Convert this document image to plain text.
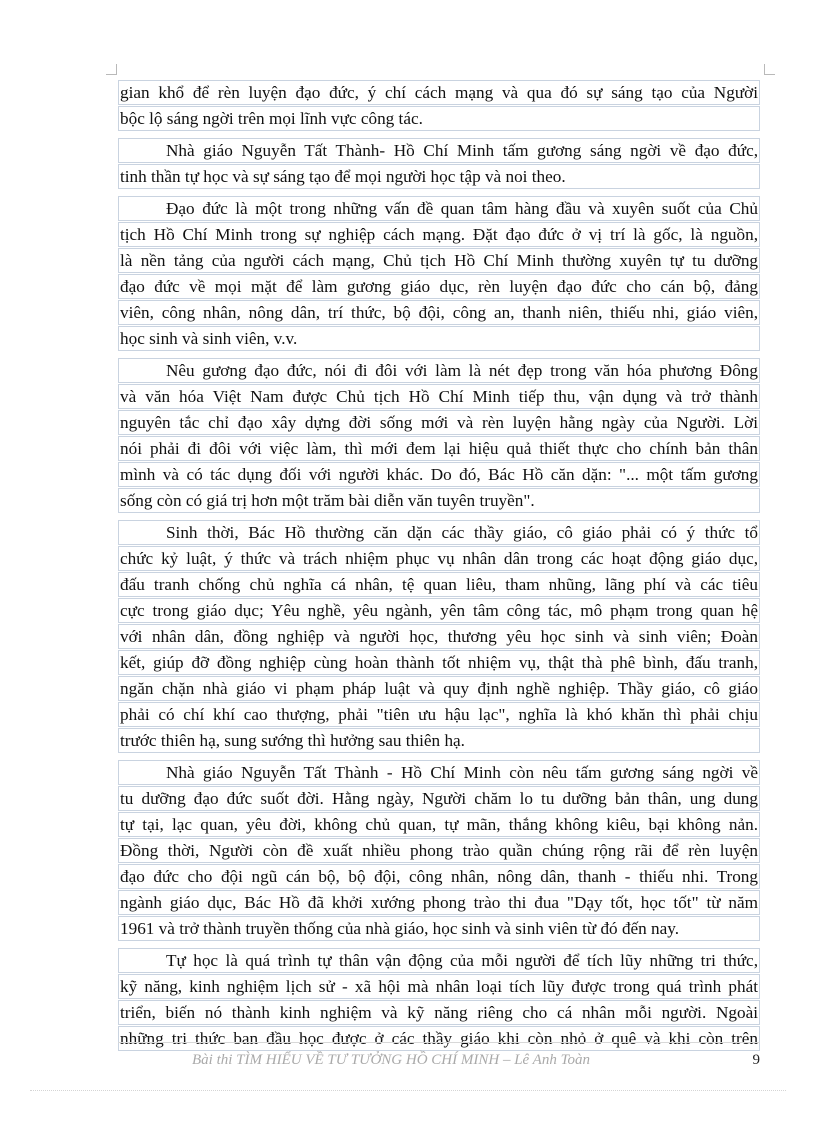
gian khổ để rèn luyện đạo đức, ý chí cách mạng và qua đó sự sáng tạo của Người
bộc lộ sáng ngời trên mọi lĩnh vực công tác.
Nhà giáo Nguyễn Tất Thành- Hồ Chí Minh tấm gương sáng ngời về đạo đức,
tinh thần tự học và sự sáng tạo để mọi người học tập và noi theo.
Đạo đức là một trong những vấn đề quan tâm hàng đầu và xuyên suốt của Chủ
tịch Hồ Chí Minh trong sự nghiệp cách mạng. Đặt đạo đức ở vị trí là gốc, là nguồn,
là nền tảng của người cách mạng, Chủ tịch Hồ Chí Minh thường xuyên tự tu dưỡng
đạo đức về mọi mặt để làm gương giáo dục, rèn luyện đạo đức cho cán bộ, đảng
viên, công nhân, nông dân, trí thức, bộ đội, công an, thanh niên, thiếu nhi, giáo viên,
học sinh và sinh viên, v.v.
Nêu gương đạo đức, nói đi đôi với làm là nét đẹp trong văn hóa phương Đông
và văn hóa Việt Nam được Chủ tịch Hồ Chí Minh tiếp thu, vận dụng và trở thành
nguyên tắc chỉ đạo xây dựng đời sống mới và rèn luyện hằng ngày của Người. Lời
nói phải đi đôi với việc làm, thì mới đem lại hiệu quả thiết thực cho chính bản thân
mình và có tác dụng đối với người khác. Do đó, Bác Hồ căn dặn: "... một tấm gương
sống còn có giá trị hơn một trăm bài diễn văn tuyên truyền".
Sinh thời, Bác Hồ thường căn dặn các thầy giáo, cô giáo phải có ý thức tổ
chức kỷ luật, ý thức và trách nhiệm phục vụ nhân dân trong các hoạt động giáo dục,
đấu tranh chống chủ nghĩa cá nhân, tệ quan liêu, tham nhũng, lãng phí và các tiêu
cực trong giáo dục; Yêu nghề, yêu ngành, yên tâm công tác, mô phạm trong quan hệ
với nhân dân, đồng nghiệp và người học, thương yêu học sinh và sinh viên; Đoàn
kết, giúp đỡ đồng nghiệp cùng hoàn thành tốt nhiệm vụ, thật thà phê bình, đấu tranh,
ngăn chặn nhà giáo vi phạm pháp luật và quy định nghề nghiệp. Thầy giáo, cô giáo
phải có chí khí cao thượng, phải "tiên ưu hậu lạc", nghĩa là khó khăn thì phải chịu
trước thiên hạ, sung sướng thì hưởng sau thiên hạ.
Nhà giáo Nguyễn Tất Thành - Hồ Chí Minh còn nêu tấm gương sáng ngời về
tu dưỡng đạo đức suốt đời. Hằng ngày, Người chăm lo tu dưỡng bản thân, ung dung
tự tại, lạc quan, yêu đời, không chủ quan, tự mãn, thắng không kiêu, bại không nản.
Đồng thời, Người còn đề xuất nhiều phong trào quần chúng rộng rãi để rèn luyện
đạo đức cho đội ngũ cán bộ, bộ đội, công nhân, nông dân, thanh - thiếu nhi. Trong
ngành giáo dục, Bác Hồ đã khởi xướng phong trào thi đua "Dạy tốt, học tốt" từ năm
1961 và trở thành truyền thống của nhà giáo, học sinh và sinh viên từ đó đến nay.
Tự học là quá trình tự thân vận động của mỗi người để tích lũy những tri thức,
kỹ năng, kinh nghiệm lịch sử - xã hội mà nhân loại tích lũy được trong quá trình phát
triển, biến nó thành kinh nghiệm và kỹ năng riêng cho cá nhân mỗi người. Ngoài
những tri thức ban đầu học được ở các thầy giáo khi còn nhỏ ở quê và khi còn trên
Bài thi TÌM HIỂU VỀ TƯ TƯỞNG HỒ CHÍ MINH – Lê Anh Toàn	9
